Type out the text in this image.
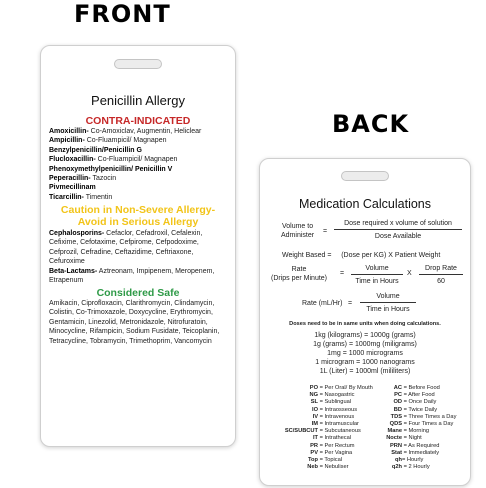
FRONT
BACK
Penicillin Allergy
CONTRA-INDICATED
Amoxicillin- Co-Amoxiclav, Augmentin, Heliclear
Ampicillin- Co-Fluampicil/ Magnapen
Benzylpenicillin/Penicillin G
Flucloxacillin- Co-Fluampicil/ Magnapen
Phenoxymethylpenicillin/ Penicillin V
Peperacillin- Tazocin
Pivmecillinam
Ticarcillin- Timentin
Caution in Non-Severe Allergy-
Avoid in Serious Allergy
Cephalosporins- Cefaclor, Cefadroxil, Cefalexin, Cefixime, Cefotaxime, Cefpirome, Cefpodoxime, Cefprozil, Cefradine, Ceftazidime, Ceftriaxone, Cefuroxime
Beta-Lactams- Aztreonam, Impipenem, Meropenem, Etrapenum
Considered Safe
Amikacin, Ciprofloxacin, Clarithromycin, Clindamycin, Colistin, Co-Trimoxazole, Doxycycline, Erythromycin, Gentamicin, Linezolid, Metronidazole, Nitrofuratoin, Minocycline, Rifampicin, Sodium Fusidate, Teicoplanin, Tetracycline, Tobramycin, Trimethoprim, Vancomycin
Medication Calculations
Volume to
Administer
=
Dose required x volume of solution
Dose Available
Weight Based =     (Dose per KG) X Patient Weight
Rate
(Drips per Minute)
=
Volume
Time in Hours
X
Drop Rate
60
Rate (mL/Hr) =
Volume
Time in Hours
Doses need to be in same units when doing calculations.
1kg (kilograms) = 1000g (grams)
1g (grams) = 1000mg (miligrams)
1mg = 1000 micrograms
1 microgram = 1000 nanograms
1L (Liter) = 1000ml (mililiters)
PO = Per Oral/ By Mouth
NG = Nasogastric
SL = Sublingual
IO = Intraosseous
IV = Intravenous
IM = Intramuscular
SC/SUBCUT = Subcutaneous
IT = Intrathecal
PR = Per Rectum
PV = Per Vagina
Top = Topical
Neb = Nebuliser
AC = Before Food
PC = After Food
OD = Once Daily
BD = Twice Daily
TDS = Three Times a Day
QDS = Four Times a Day
Mane = Morning
Nocte = Night
PRN = As Required
Stat = Immediately
qh= Hourly
q2h = 2 Hourly
